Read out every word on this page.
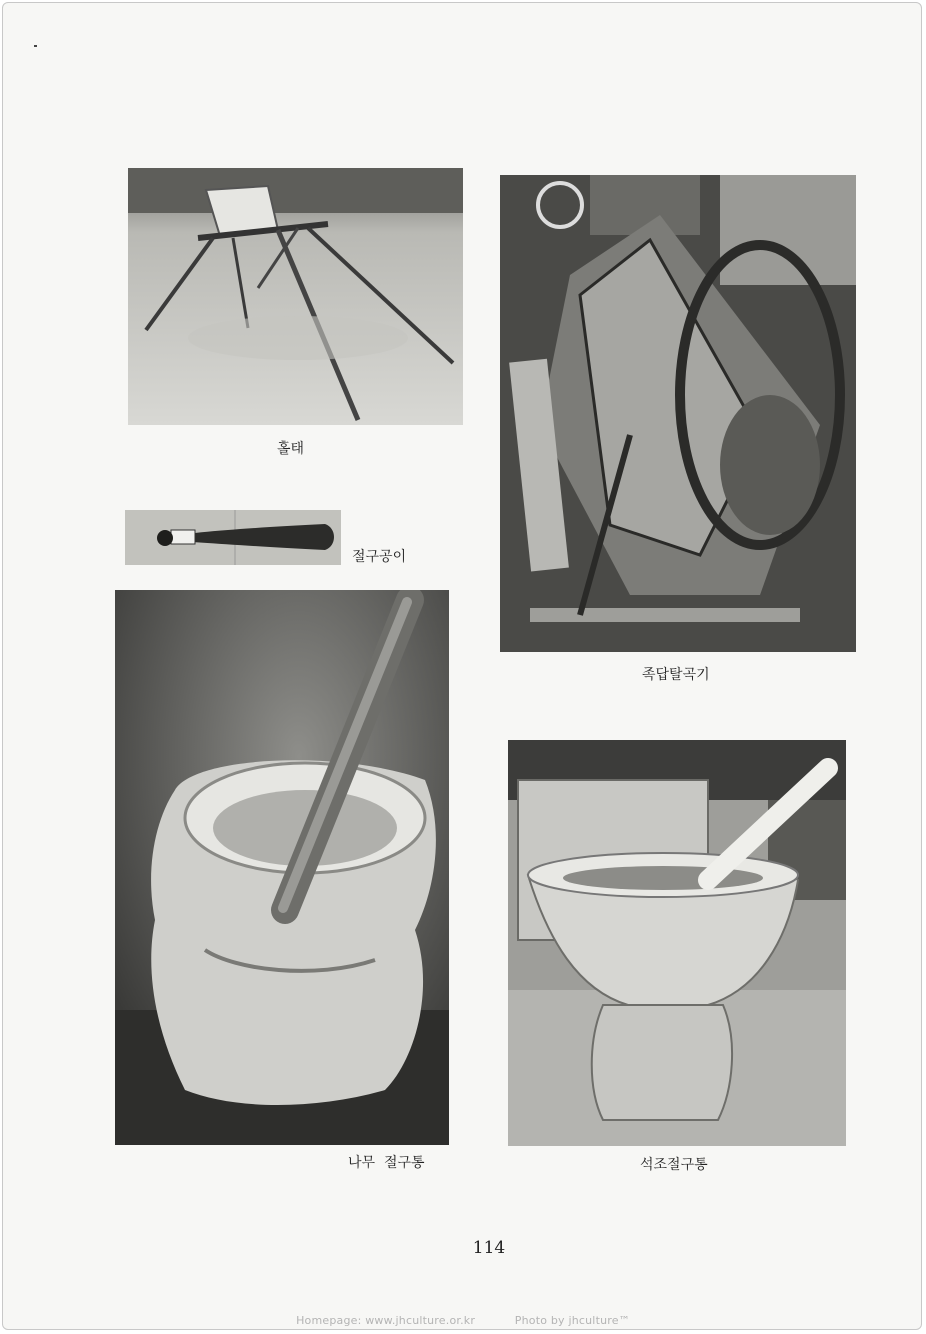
홀태
절구공이
족답탈곡기
나무  절구통	석조절구통
114
Homepage: www.jhculture.or.kr	Photo by jhculture™
